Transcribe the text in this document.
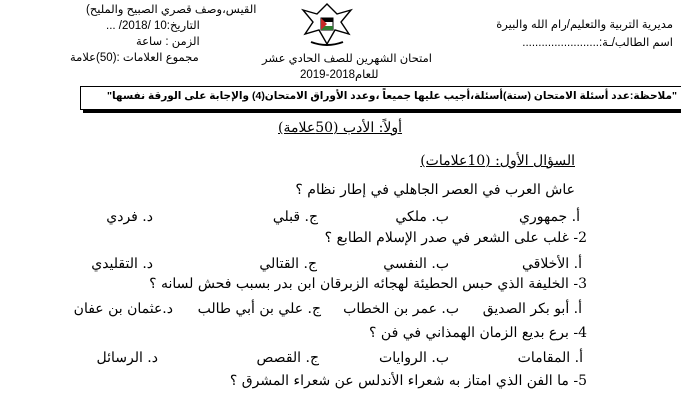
القيس،وصف قصري الصبيح والمليح)
التاريخ:10 /2018/ ...
الزمن : ساعة
مجموع العلامات :(50)علامة
مديرية التربية والتعليم/رام الله والبيرة
اسم الطالب/ـة:........................
امتحان الشهرين للصف الحادي عشر
للعام2018-2019
"ملاحظة:عدد أسئلة الامتحان (ستة)أسئلة،أجيب عليها جميعاً ،وعدد الأوراق الامتحان(4) والإجابة على الورقة نفسها"
أولاً: الأدب (50علامة)
السؤال الأول: (10علامات)
عاش العرب في العصر الجاهلي في إطار نظام ؟
أ. جمهوري
ب. ملكي
ج. قبلي
د. فردي
2- غلب على الشعر في صدر الإسلام الطابع ؟
أ. الأخلاقي
ب. النفسي
ج. القتالي
د. التقليدي
3- الخليفة الذي حبس الحطيئة لهجائه الزبرقان ابن بدر بسبب فحش لسانه ؟
أ. أبو بكر الصديق
ب. عمر بن الخطاب
ج. علي بن أبي طالب
د.عثمان بن عفان
4- برع بديع الزمان الهمذاني في فن ؟
أ. المقامات
ب. الروايات
ج. القصص
د. الرسائل
5- ما الفن الذي امتاز به شعراء الأندلس عن شعراء المشرق ؟
